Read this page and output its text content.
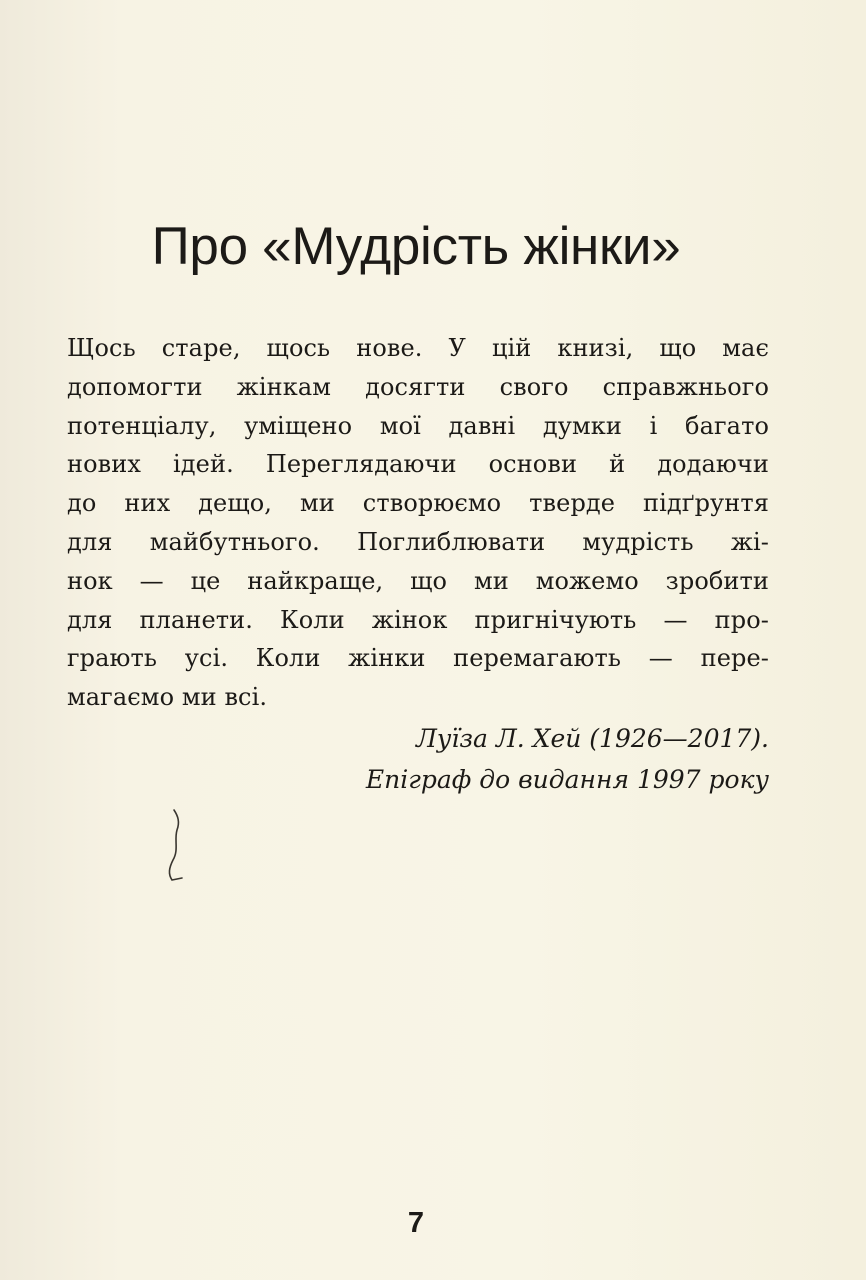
Про «Мудрість жінки»
Щось старе, щось нове. У цій книзі, що має
допомогти жінкам досягти свого справжнього
потенціалу, уміщено мої давні думки і багато
нових ідей. Переглядаючи основи й додаючи
до них дещо, ми створюємо тверде підґрунтя
для майбутнього. Поглиблювати мудрість жі-
нок — це найкраще, що ми можемо зробити
для планети. Коли жінок пригнічують — про-
грають усі. Коли жінки перемагають — пере-
магаємо ми всі.
Луїза Л. Хей (1926—2017).
Епіграф до видання 1997 року
7
